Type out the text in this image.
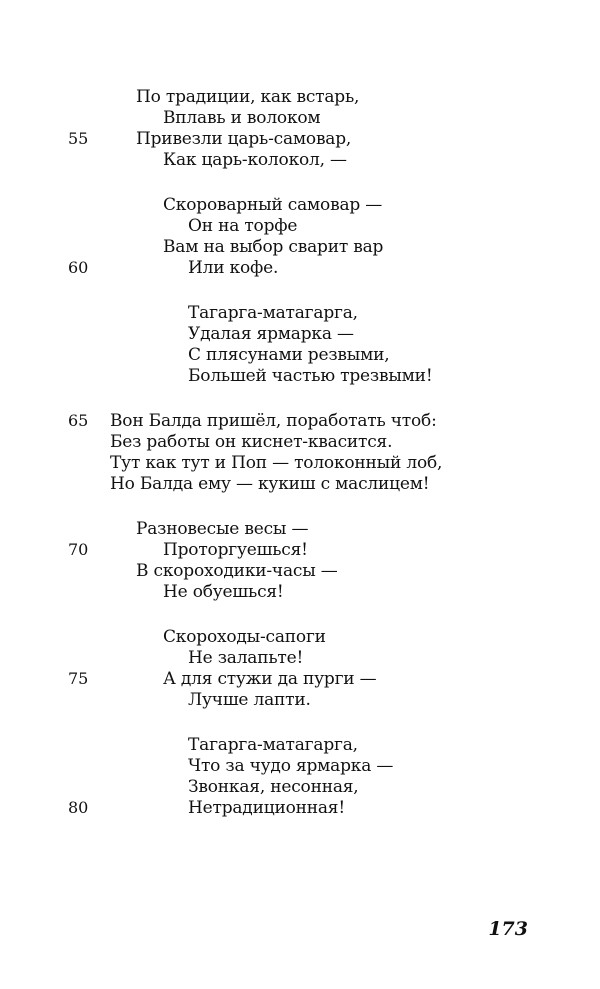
По традиции, как встарь,
Вплавь и волоком
Привезли царь-самовар,
Как царь-колокол, —
55
Скороварный самовар —
Он на торфе
Вам на выбор сварит вар
Или кофе.
60
Тагарга-матагарга,
Удалая ярмарка —
С плясунами резвыми,
Большей частью трезвыми!
Вон Балда пришёл, поработать чтоб:
Без работы он киснет-квасится.
Тут как тут и Поп — толоконный лоб,
Но Балда ему — кукиш с маслицем!
65
Разновесые весы —
Проторгуешься!
В скороходики-часы —
Не обуешься!
70
Скороходы-сапоги
Не залапьте!
А для стужи да пурги —
Лучше лапти.
75
Тагарга-матагарга,
Что за чудо ярмарка —
Звонкая, несонная,
Нетрадиционная!
80
173
